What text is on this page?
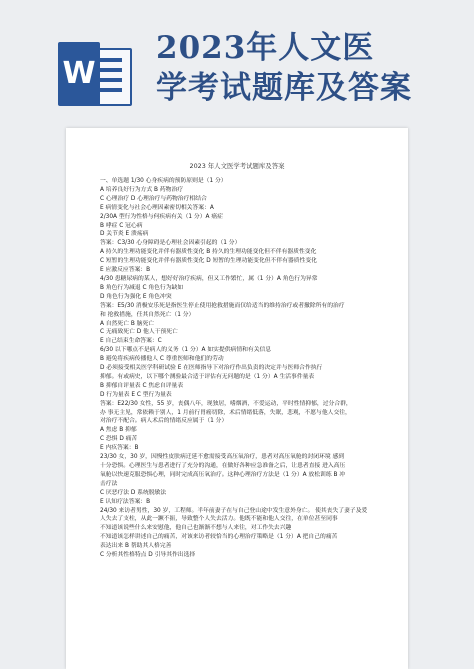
W
2023年人文医
学考试题库及答案
2023 年人文医学考试题库及答案
一、单选题 1/30 心身疾病的预防原则是（1 分）
A 培养良好行为方式 B 药物治疗
C 心理治疗 D 心理治疗与药物治疗相结合
E 病情变化与社会心理因素密切相关答案：A
2/30A 型行为性格与何疾病有关（1 分）A 癌症
B 哮症 C 冠心病
D 关节炎 E 溃疡病
答案：C3/30 心身障碍是心理社会因素引起的（1 分）
A 持久的生理功能变化并伴有器质性变化 B 持久的生理功能变化但不伴有器质性变化
C 短暂的生理功能变化并伴有器质性变化 D 短暂的生理功能变化但不伴有器质性变化
E 应激反应答案：B
4/30 患糖尿病的某人，想好好治疗疾病，但又工作繁忙，属（1 分）A 角色行为异常
B 角色行为减退 C 角色行为缺如
D 角色行为强化 E 角色冲突
答案：E5/30 消极安乐死是指医生停止使用抢救措施而仅给适当的维持治疗或者撤除所有的治疗
和 抢救措施，任其自然死亡（1 分）
A 自然死亡 B 脑死亡
C 无痛致死亡 D 他人干预死亡
E 自己结束生命答案：C
6/30 以下哪点不是病人的义务（1 分）A 如实提供病情和有关信息
B 避免将疾病传播他人 C 尊重医师和他们的劳动
D 必须接受相关医学科研试验 E 在医师指导下对治疗作出负责的决定并与医师合作执行
抑郁。有或病史，以下哪个测验最合适于评估有无问题的是（1 分）A 生活事件量表
B 抑郁自评量表 C 焦虑自评量表
D 行为量表 E C 型行为量表
答案：E22/30 女性，55 岁，丧偶八年，现独居，嗜烟酒，不爱运动，平时性情抑郁，过分合群，
办 事无主见，常依赖于别人，1 月前行胃癌切除，术后情绪低落，失眠，悲观，不愿与他人交往，
对治疗不配合。病人术后的情绪反应属于（1 分）
A 焦虑 B 抑郁
C 恐惧 D 痛苦
E 内疚答案：B
23/30 女，30 岁，因慢性皮肤病迁延不愈需接受高压氧治疗，患者对高压氧舱的封闭环境 感到
十分恐惧。心理医生与患者进行了充分的沟通，在做好各种应急准备之后，让患者直接 进入高压
氧舱以快速克服恐惧心理，同时完成高压氧治疗。这种心理治疗方法是（1 分）A 放松训练 B 冲
击疗法
C 厌恶疗法 D 系统脱敏法
E 认知疗法答案：B
24/30 来访者男性，30 岁，工程师。半年前妻子在与自己登山途中发生意外身亡。 使其丧失了妻子及爱
人失去了支柱，从此一蹶不振，导致整个人失去活力。他既不能和他人交往，在单位甚至同事
不知道该说些什么来安慰他，他自己也渐渐不想与人来往，对工作失去兴趣
不知道该怎样讲述自己的痛苦，对该来访者较恰当的心理治疗策略是（1 分）A 把自己的痛苦
表达出来 B 帮助其人格完善
C 分析其性格特点 D 引导其作出选择
